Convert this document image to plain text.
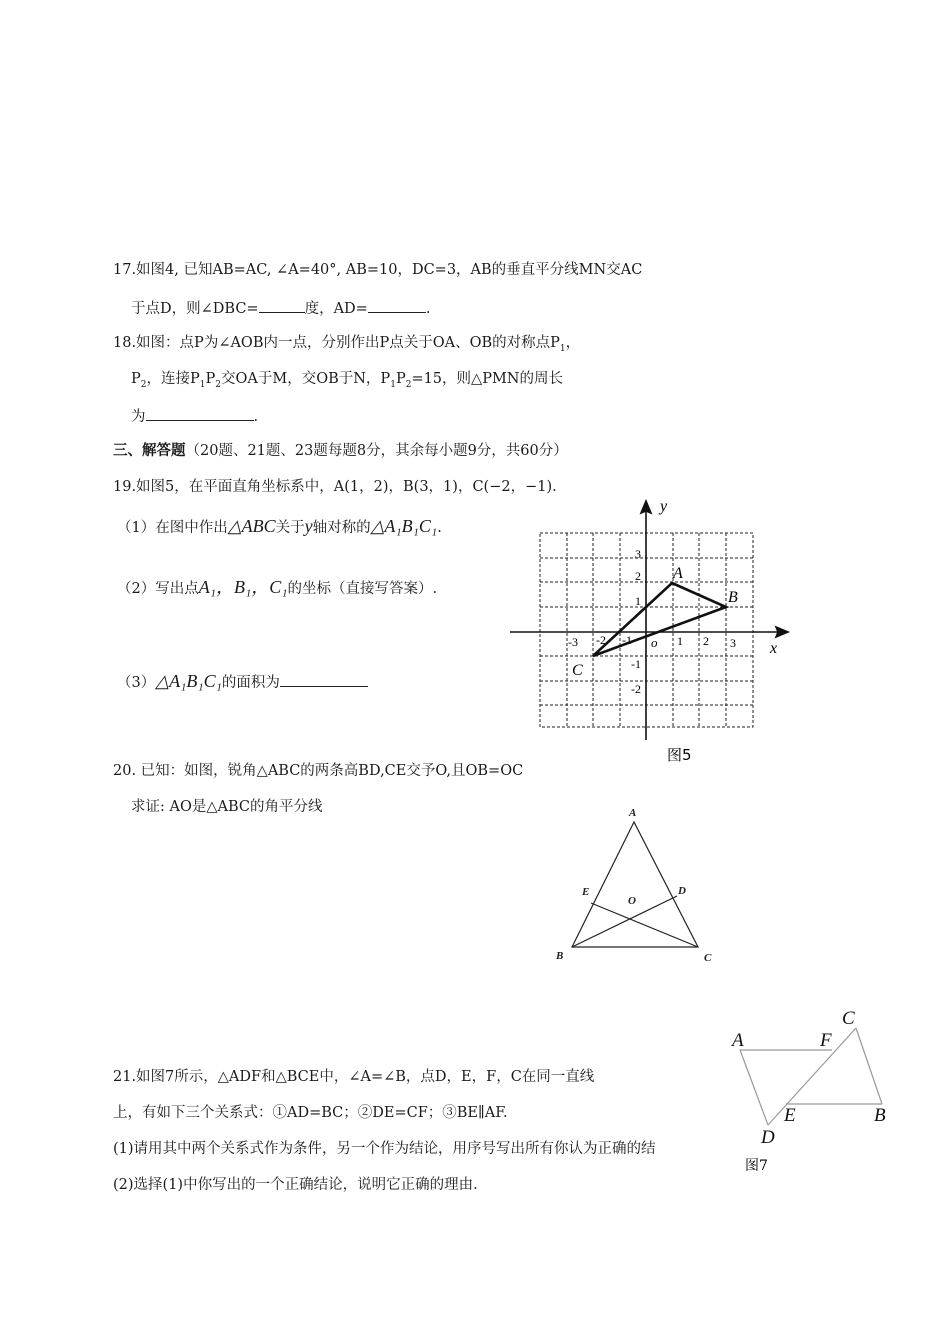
17.如图4, 已知AB=AC, ∠A=40°, AB=10，DC=3，AB的垂直平分线MN交AC
于点D，则∠DBC=	度，AD=	.
18.如图：点P为∠AOB内一点，分别作出P点关于OA、OB的对称点$P_1$，
$P_2$，连接$P_1P_2$交OA于M，交OB于N，$P_1P_2=15$，则△PMN的周长
为	.
三、解答题（20题、21题、23题每题8分，其余每小题9分，共60分）
19.如图5，在平面直角坐标系中，A(1，2)，B(3，1)，C(−2，−1).
（1）在图中作出△ABC关于y轴对称的△A₁B₁C₁.
（2）写出点A₁，B₁，C₁的坐标（直接写答案）.
（3）△A₁B₁C₁的面积为
x
y
o
-3 -2 -1	1 2 3
3
2
1
-1
-2
A
B
C
图5
20. 已知：如图，锐角△ABC的两条高BD,CE交予O,且OB=OC
求证: AO是△ABC的角平分线	A
E	D
O
B	C
A	F
C
E	B
D
图7
21.如图7所示，△ADF和△BCE中，∠A=∠B，点D，E，F，C在同一直线
上，有如下三个关系式：①AD=BC；②DE=CF；③BE∥AF.
(1)请用其中两个关系式作为条件，另一个作为结论，用序号写出所有你认为正确的结
(2)选择(1)中你写出的一个正确结论，说明它正确的理由.
